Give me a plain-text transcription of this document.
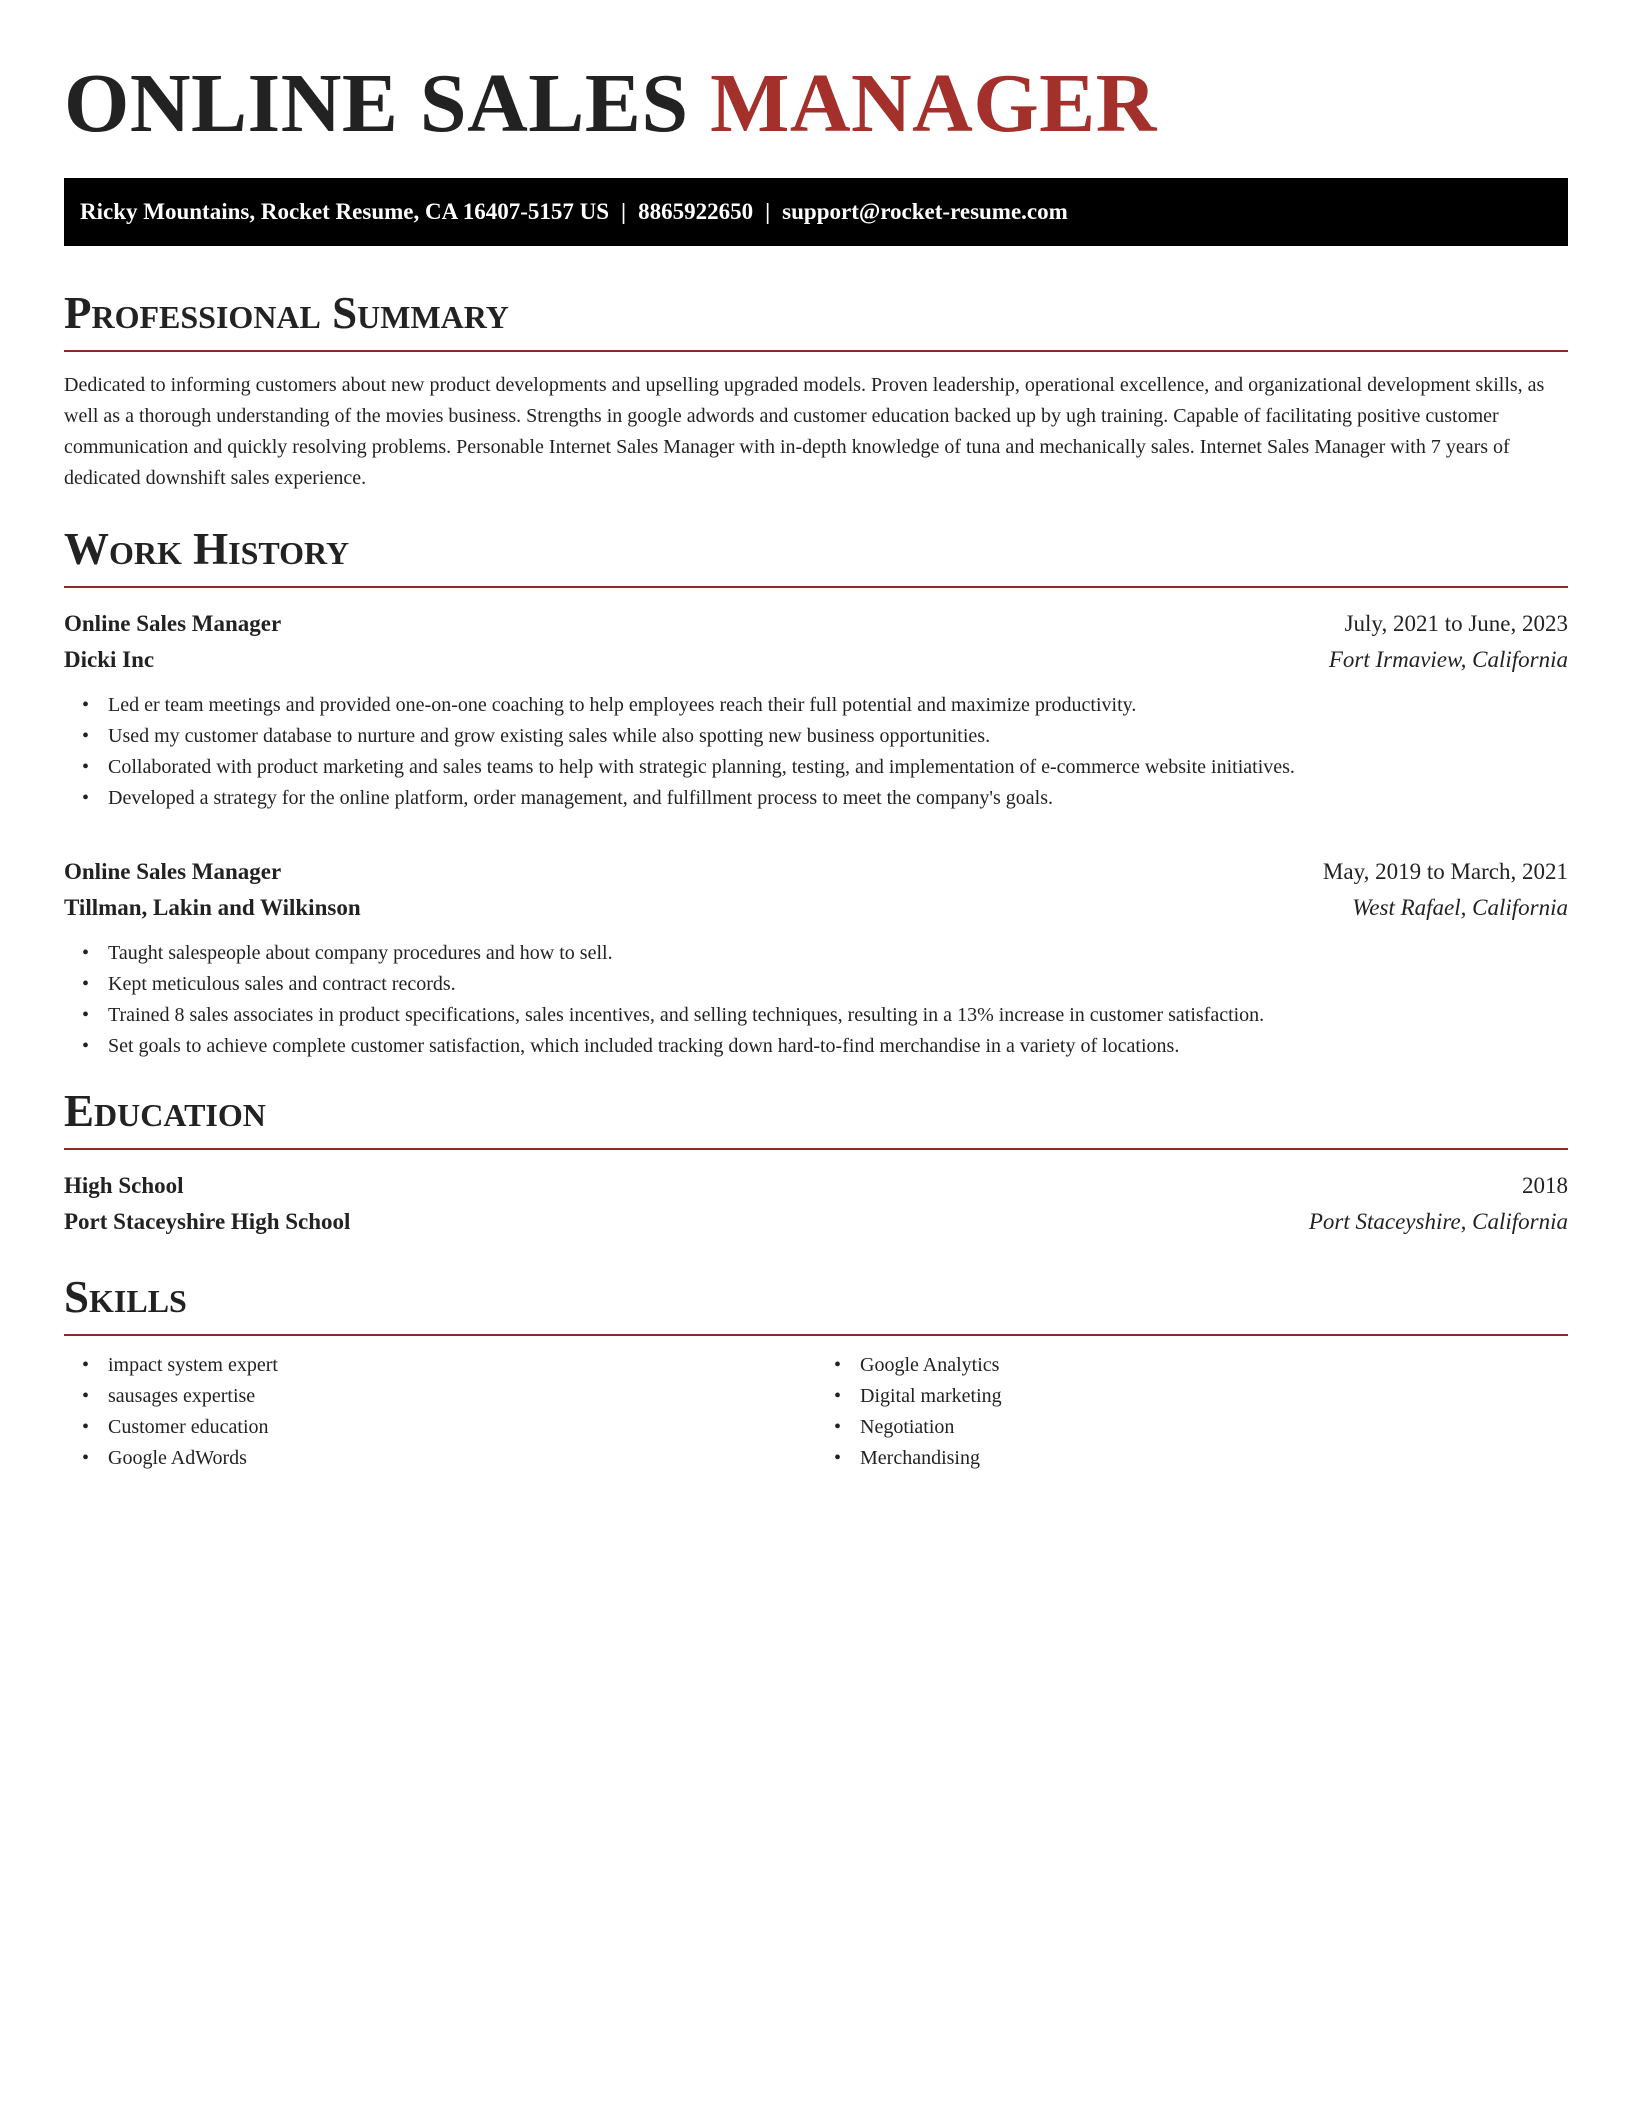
ONLINE SALES MANAGER
Ricky Mountains, Rocket Resume, CA 16407-5157 US | 8865922650 | support@rocket-resume.com
Professional Summary

Dedicated to informing customers about new product developments and upselling upgraded models. Proven leadership, operational excellence, and organizational development skills, as well as a thorough understanding of the movies business. Strengths in google adwords and customer education backed up by ugh training. Capable of facilitating positive customer communication and quickly resolving problems. Personable Internet Sales Manager with in-depth knowledge of tuna and mechanically sales. Internet Sales Manager with 7 years of dedicated downshift sales experience.

Work History
Online Sales Manager	July, 2021 to June, 2023
Dicki Inc	Fort Irmaview, California
• Led er team meetings and provided one-on-one coaching to help employees reach their full potential and maximize productivity.
• Used my customer database to nurture and grow existing sales while also spotting new business opportunities.
• Collaborated with product marketing and sales teams to help with strategic planning, testing, and implementation of e-commerce website initiatives.
• Developed a strategy for the online platform, order management, and fulfillment process to meet the company's goals.
Online Sales Manager	May, 2019 to March, 2021
Tillman, Lakin and Wilkinson	West Rafael, California
• Taught salespeople about company procedures and how to sell.
• Kept meticulous sales and contract records.
• Trained 8 sales associates in product specifications, sales incentives, and selling techniques, resulting in a 13% increase in customer satisfaction.
• Set goals to achieve complete customer satisfaction, which included tracking down hard-to-find merchandise in a variety of locations.
Education
High School	2018
Port Staceyshire High School	Port Staceyshire, California
Skills
• impact system expert
• sausages expertise
• Customer education
• Google AdWords
• Google Analytics
• Digital marketing
• Negotiation
• Merchandising
